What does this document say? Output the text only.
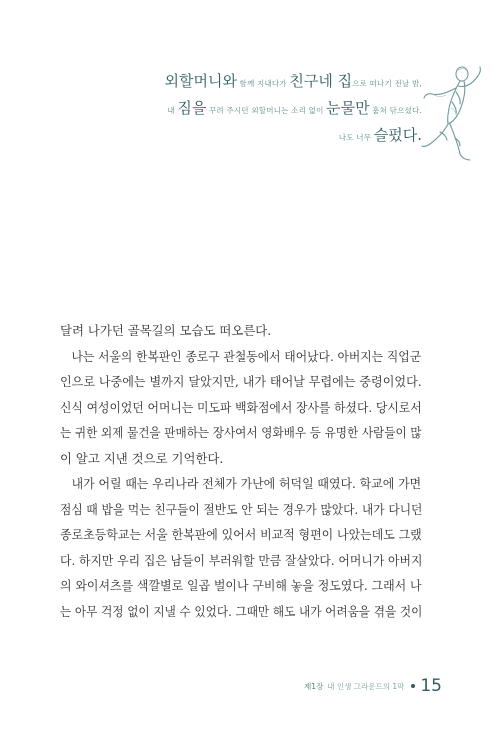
외할머니와 함께 지내다가 친구네 집으로 떠나기 전날 밤,
내 짐을 꾸려 주시던 외할머니는 소리 없이 눈물만 훔쳐 닦으셨다.
나도 너무 슬펐다.
달려 나가던 골목길의 모습도 떠오른다.
나는 서울의 한복판인 종로구 관철동에서 태어났다. 아버지는 직업군
인으로 나중에는 별까지 달았지만, 내가 태어날 무렵에는 중령이었다.
신식 여성이었던 어머니는 미도파 백화점에서 장사를 하셨다. 당시로서
는 귀한 외제 물건을 판매하는 장사여서 영화배우 등 유명한 사람들이 많
이 알고 지낸 것으로 기억한다.
내가 어릴 때는 우리나라 전체가 가난에 허덕일 때였다. 학교에 가면
점심 때 밥을 먹는 친구들이 절반도 안 되는 경우가 많았다. 내가 다니던
종로초등학교는 서울 한복판에 있어서 비교적 형편이 나았는데도 그랬
다. 하지만 우리 집은 남들이 부러워할 만큼 잘살았다. 어머니가 아버지
의 와이셔츠를 색깔별로 일곱 벌이나 구비해 놓을 정도였다. 그래서 나
는 아무 걱정 없이 지낼 수 있었다. 그때만 해도 내가 어려움을 겪을 것이
제1장 내 인생 그라운드의 1막 15
